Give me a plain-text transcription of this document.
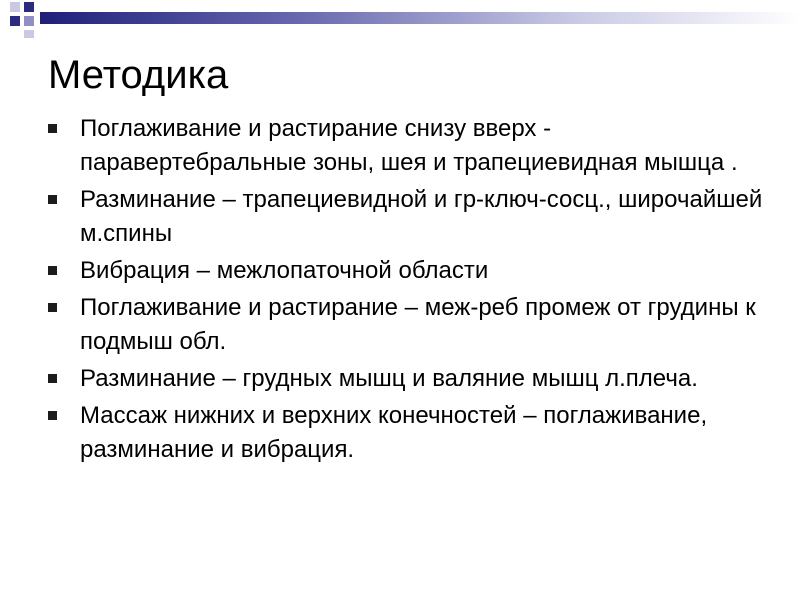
Методика
Поглаживание и растирание снизу вверх - паравертебральные зоны, шея и трапециевидная мышца .
Разминание – трапециевидной и гр-ключ-сосц., широчайшей м.спины
Вибрация – межлопаточной области
Поглаживание и растирание – меж-реб промеж от грудины к подмыш обл.
Разминание – грудных мышц и валяние мышц л.плеча.
Массаж нижних и верхних конечностей – поглаживание, разминание и вибрация.
